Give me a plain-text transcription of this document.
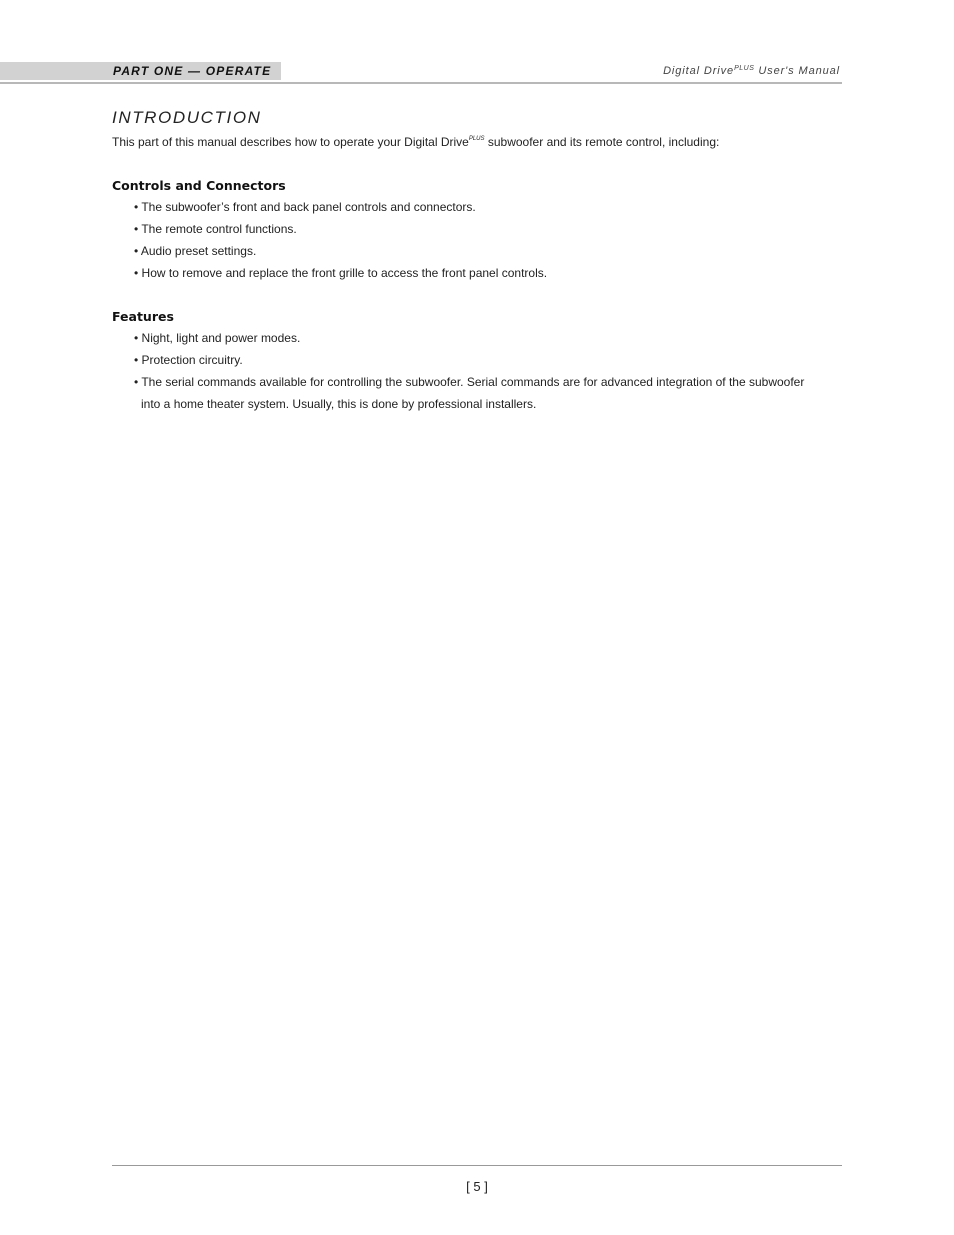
PART ONE — OPERATE	Digital Drive$^{PLUS}$ User's Manual
INTRODUCTION

This part of this manual describes how to operate your Digital Drive$^{PLUS}$ subwoofer and its remote control, including:

Controls and Connectors
• The subwoofer’s front and back panel controls and connectors.
• The remote control functions.
• Audio preset settings.
• How to remove and replace the front grille to access the front panel controls.
Features
• Night, light and power modes.
• Protection circuitry.
• The serial commands available for controlling the subwoofer. Serial commands are for advanced integration of the subwoofer into a home theater system. Usually, this is done by professional installers.
[ 5 ]
